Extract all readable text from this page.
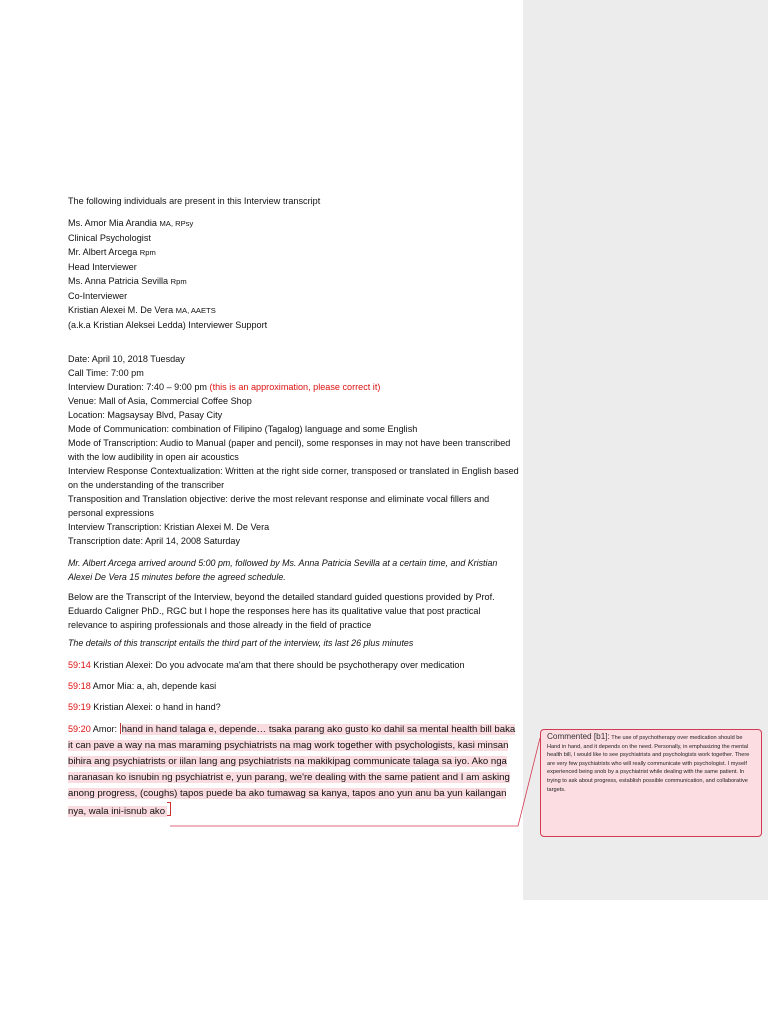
The following individuals are present in this Interview transcript

Ms. Amor Mia Arandia MA, RPsy

Clinical Psychologist

Mr. Albert Arcega Rpm

Head Interviewer

Ms. Anna Patricia Sevilla Rpm

Co-Interviewer

Kristian Alexei M. De Vera MA, AAETS

(a.k.a Kristian Aleksei Ledda) Interviewer Support

Date: April 10, 2018 Tuesday

Call Time: 7:00 pm

Interview Duration: 7:40 – 9:00 pm (this is an approximation, please correct it)

Venue: Mall of Asia, Commercial Coffee Shop

Location: Magsaysay Blvd, Pasay City

Mode of Communication: combination of Filipino (Tagalog) language and some English

Mode of Transcription: Audio to Manual (paper and pencil), some responses in may not have been transcribed with the low audibility in open air acoustics

Interview Response Contextualization: Written at the right side corner, transposed or translated in English based on the understanding of the transcriber

Transposition and Translation objective: derive the most relevant response and eliminate vocal fillers and personal expressions

Interview Transcription: Kristian Alexei M. De Vera

Transcription date: April 14, 2008 Saturday

Mr. Albert Arcega arrived around 5:00 pm, followed by Ms. Anna Patricia Sevilla at a certain time, and Kristian Alexei De Vera 15 minutes before the agreed schedule.

Below are the Transcript of the Interview, beyond the detailed standard guided questions provided by Prof. Eduardo Caligner PhD., RGC but I hope the responses here has its qualitative value that post practical relevance to aspiring professionals and those already in the field of practice

The details of this transcript entails the third part of the interview, its last 26 plus minutes

59:14 Kristian Alexei: Do you advocate ma'am that there should be psychotherapy over medication

59:18 Amor Mia: a, ah, depende kasi

59:19 Kristian Alexei: o hand in hand?

59:20 Amor: hand in hand talaga e, depende… tsaka parang ako gusto ko dahil sa mental health bill baka it can pave a way na mas maraming psychiatrists na mag work together with psychologists, kasi minsan bihira ang psychiatrists or iilan lang ang psychiatrists na makikipag communicate talaga sa iyo. Ako nga naranasan ko isnubin ng psychiatrist e, yun parang, we're dealing with the same patient and I am asking anong progress, (coughs) tapos puede ba ako tumawag sa kanya, tapos ano yun anu ba yun kailangan nya, wala ini-isnub ako

Commented [b1]: The use of psychotherapy over medication should be Hand in hand, and it depends on the need. Personally, in emphasizing the mental health bill, I would like to see psychiatrists and psychologists work together. There are very few psychiatrists who will really communicate with psychologist. I myself experienced being snob by a psychiatrist while dealing with the same patient. In trying to ask about progress, establish possible communication, and collaborative targets.
